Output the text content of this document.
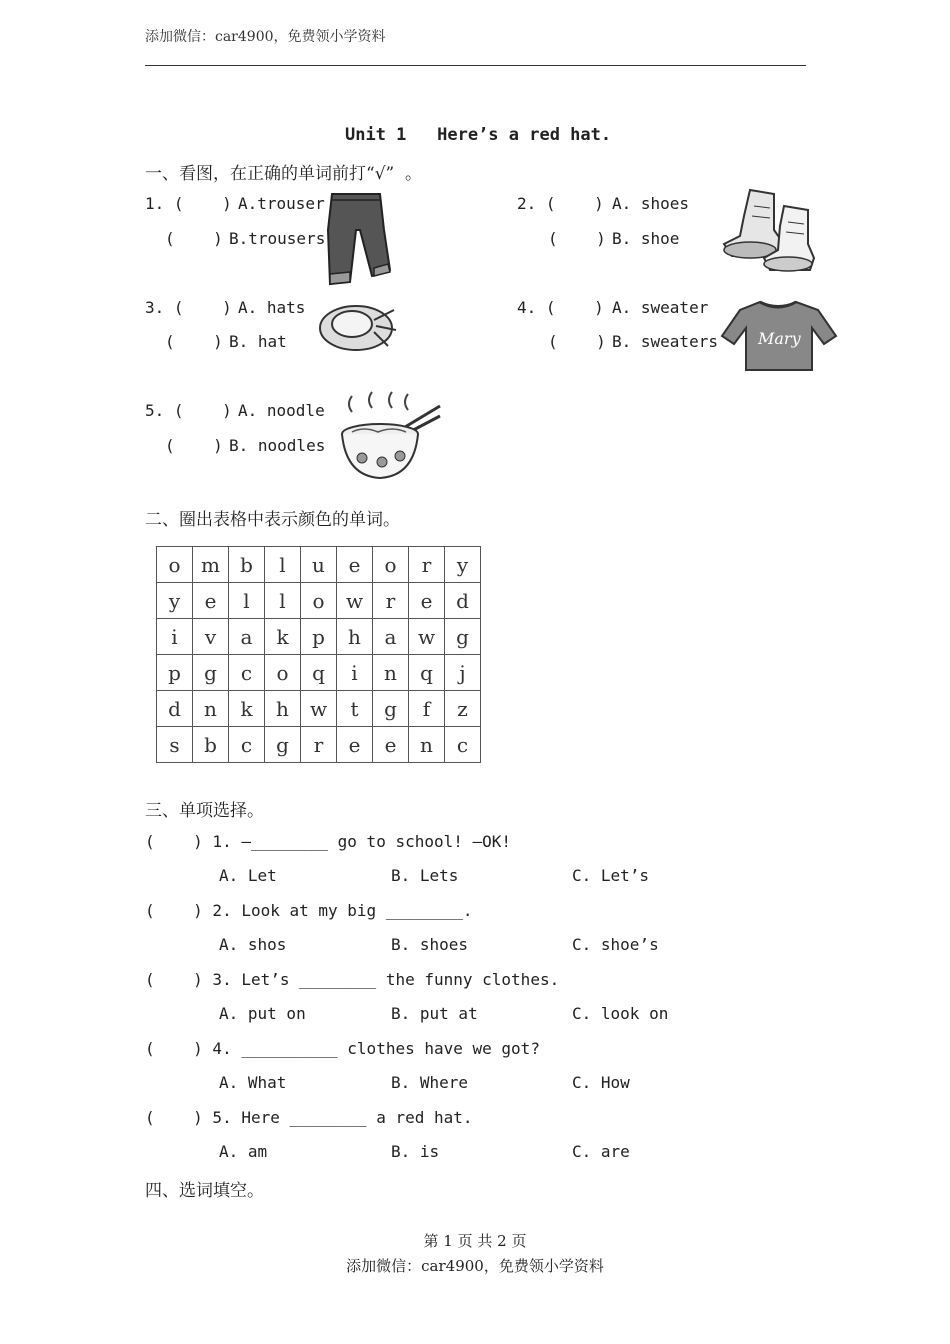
添加微信：car4900，免费领小学资料
Unit 1   Here’s a red hat.
一、看图，在正确的单词前打“√”  。
1. (    ) A.trouser
(    ) B.trousers
2. (    ) A. shoes
(    ) B. shoe
3. (    ) A. hats
(    ) B. hat
4. (    ) A. sweater
(    ) B. sweaters	Mary
5. (    ) A. noodle
(    ) B. noodles
二、圈出表格中表示颜色的单词。
o	m	b	l	u	e	o	r	y
y	e	l	l	o	w	r	e	d
i	v	a	k	p	h	a	w	g
p	g	c	o	q	i	n	q	j
d	n	k	h	w	t	g	f	z
s	b	c	g	r	e	e	n	c
三、单项选择。
(    ) 1. —________ go to school! —OK!
A. Let	B. Lets	C. Let’s
(    ) 2. Look at my big ________.
A. shos	B. shoes	C. shoe’s
(    ) 3. Let’s ________ the funny clothes.
A. put on	B. put at	C. look on
(    ) 4. __________ clothes have we got?
A. What	B. Where	C. How
(    ) 5. Here ________ a red hat.
A. am	B. is	C. are
四、选词填空。
第 1 页 共 2 页
添加微信：car4900，免费领小学资料
